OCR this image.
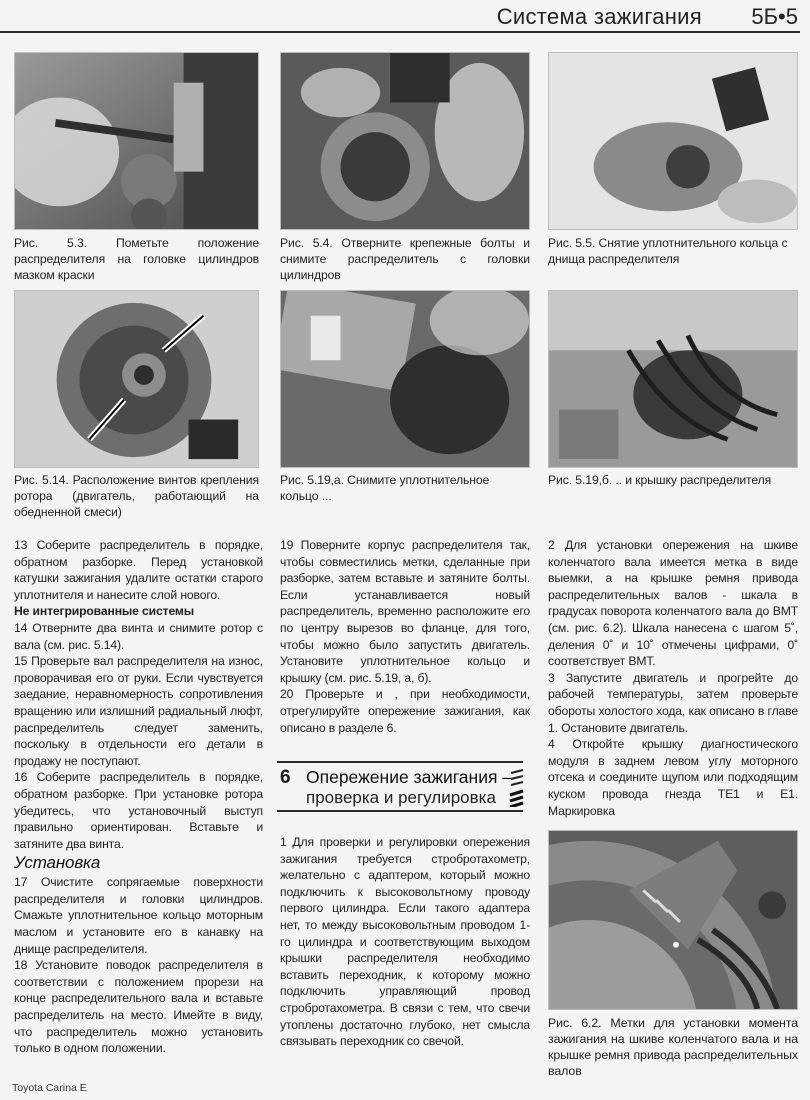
Система зажигания 5Б•5
Рис. 5.3. Пометьте положение распределителя на головке цилиндров мазком краски
Рис. 5.4. Отверните крепежные болты и снимите распределитель с головки цилиндров
Рис. 5.5. Снятие уплотнительного кольца с днища распределителя
Рис. 5.14. Расположение винтов крепления ротора (двигатель, работающий на обедненной смеси)
Рис. 5.19,а. Снимите уплотнительное кольцо ...
Рис. 5.19,б. .. и крышку распределителя

13 Соберите распределитель в порядке, обратном разборке. Перед установкой катушки зажигания удалите остатки старого уплотнителя и нанесите слой нового.

Не интегрированные системы

14 Отверните два винта и снимите ротор с вала (см. рис. 5.14).

15 Проверьте вал распределителя на износ, проворачивая его от руки. Если чувствуется заедание, неравномерность сопротивления вращению или излишний радиальный люфт, распределитель следует заменить, поскольку в отдельности его детали в продажу не поступают.

16 Соберите распределитель в порядке, обратном разборке. При установке ротора убедитесь, что установочный выступ правильно ориентирован. Вставьте и затяните два винта.

Установка

17 Очистите сопрягаемые поверхности распределителя и головки цилиндров. Смажьте уплотнительное кольцо моторным маслом и установите его в канавку на днище распределителя.

18 Установите поводок распределителя в соответствии с положением прорези на конце распределительного вала и вставьте распределитель на место. Имейте в виду, что распределитель можно установить только в одном положении.

19 Поверните корпус распределителя так, чтобы совместились метки, сделанные при разборке, затем вставьте и затяните болты. Если устанавливается новый распределитель, временно расположите его по центру вырезов во фланце, для того, чтобы можно было запустить двигатель. Установите уплотнительное кольцо и крышку (см. рис. 5.19, а, б).

20 Проверьте и , при необходимости, отрегулируйте опережение зажигания, как описано в разделе 6.

6 Опережение зажигания –
проверка и регулировка

1 Для проверки и регулировки опережения зажигания требуется стробротахометр, желательно с адаптером, который можно подключить к высоковольтному проводу первого цилиндра. Если такого адаптера нет, то между высоковольтным проводом 1-го цилиндра и соответствующим выходом крышки распределителя необходимо вставить переходник, к которому можно подключить управляющий провод стробротахометра. В связи с тем, что свечи утоплены достаточно глубоко, нет смысла связывать переходник со свечой.

2 Для установки опережения на шкиве коленчатого вала имеется метка в виде выемки, а на крышке ремня привода распределительных валов - шкала в градусах поворота коленчатого вала до ВМТ (см. рис. 6.2). Шкала нанесена с шагом 5˚, деления 0˚ и 10˚ отмечены цифрами, 0˚ соответствует ВМТ.

3 Запустите двигатель и прогрейте до рабочей температуры, затем проверьте обороты холостого хода, как описано в главе 1. Остановите двигатель.

4 Откройте крышку диагностического модуля в заднем левом углу моторного отсека и соедините щупом или подходящим куском провода гнезда ТЕ1 и Е1. Маркировка

Рис. 6.2. Метки для установки момента зажигания на шкиве коленчатого вала и на крышке ремня привода распределительных валов
Toyota Carina E
